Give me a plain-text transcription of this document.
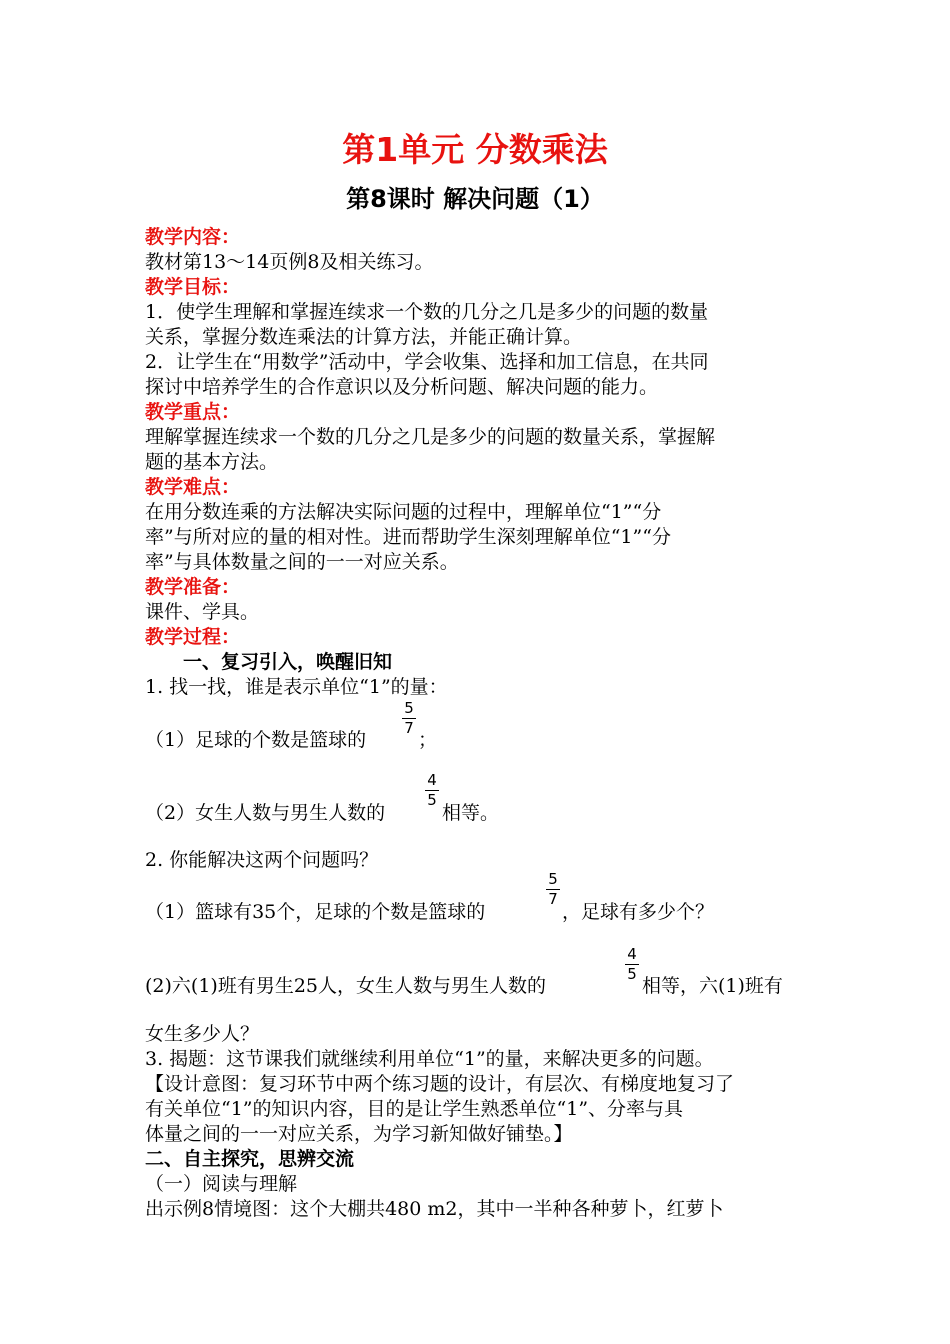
第1单元 分数乘法
第8课时 解决问题（1）
教学内容：
教材第13～14页例8及相关练习。
教学目标：
1．使学生理解和掌握连续求一个数的几分之几是多少的问题的数量
关系，掌握分数连乘法的计算方法，并能正确计算。
2．让学生在“用数学”活动中，学会收集、选择和加工信息，在共同
探讨中培养学生的合作意识以及分析问题、解决问题的能力。
教学重点：
理解掌握连续求一个数的几分之几是多少的问题的数量关系，掌握解
题的基本方法。
教学难点：
在用分数连乘的方法解决实际问题的过程中，理解单位“1”“分
率”与所对应的量的相对性。进而帮助学生深刻理解单位“1”“分
率”与具体数量之间的一一对应关系。
教学准备：
课件、学具。
教学过程：
一、复习引入，唤醒旧知
1. 找一找，谁是表示单位“1”的量：
（1）足球的个数是篮球的
5
7
；
（2）女生人数与男生人数的
4
5
相等。
2. 你能解决这两个问题吗？
（1）篮球有35个，足球的个数是篮球的
5
7
，足球有多少个？
(2)六(1)班有男生25人，女生人数与男生人数的
4
5
相等，六(1)班有
女生多少人？
3. 揭题：这节课我们就继续利用单位“1”的量，来解决更多的问题。
【设计意图：复习环节中两个练习题的设计，有层次、有梯度地复习了
有关单位“1”的知识内容，目的是让学生熟悉单位“1”、分率与具
体量之间的一一对应关系，为学习新知做好铺垫。】
二、自主探究，思辨交流
（一）阅读与理解
出示例8情境图：这个大棚共480 m2，其中一半种各种萝卜，红萝卜
